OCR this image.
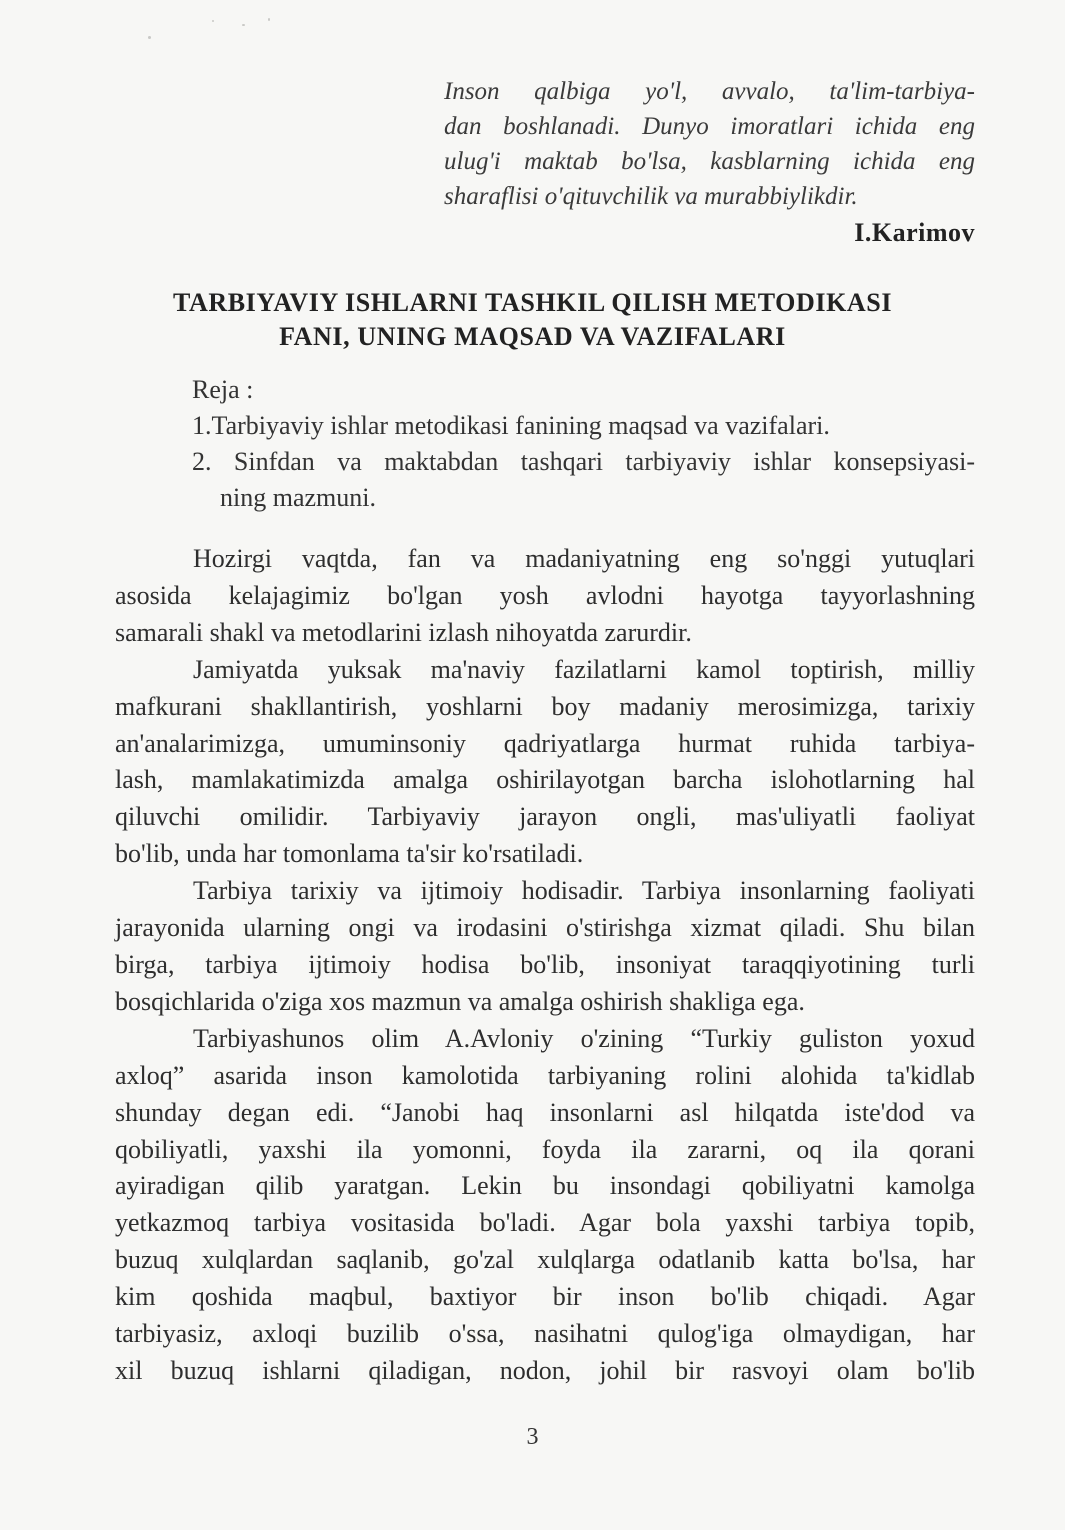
Inson qalbiga yo'l, avvalo, ta'lim-tarbiya-
dan boshlanadi. Dunyo imoratlari ichida eng
ulug'i maktab bo'lsa, kasblarning ichida eng
sharaflisi o'qituvchilik va murabbiylikdir.
I.Karimov
TARBIYAVIY ISHLARNI TASHKIL QILISH METODIKASI
FANI, UNING MAQSAD VA VAZIFALARI
Reja :
1.Tarbiyaviy ishlar metodikasi fanining maqsad va vazifalari.
2. Sinfdan va maktabdan tashqari tarbiyaviy ishlar konsepsiyasi-
ning mazmuni.
Hozirgi vaqtda, fan va madaniyatning eng so'nggi yutuqlari
asosida kelajagimiz bo'lgan yosh avlodni hayotga tayyorlashning
samarali shakl va metodlarini izlash nihoyatda zarurdir.
Jamiyatda yuksak ma'naviy fazilatlarni kamol toptirish, milliy
mafkurani shakllantirish, yoshlarni boy madaniy merosimizga, tarixiy
an'analarimizga, umuminsoniy qadriyatlarga hurmat ruhida tarbiya-
lash, mamlakatimizda amalga oshirilayotgan barcha islohotlarning hal
qiluvchi omilidir. Tarbiyaviy jarayon ongli, mas'uliyatli faoliyat
bo'lib, unda har tomonlama ta'sir ko'rsatiladi.
Tarbiya tarixiy va ijtimoiy hodisadir. Tarbiya insonlarning faoliyati
jarayonida ularning ongi va irodasini o'stirishga xizmat qiladi. Shu bilan
birga, tarbiya ijtimoiy hodisa bo'lib, insoniyat taraqqiyotining turli
bosqichlarida o'ziga xos mazmun va amalga oshirish shakliga ega.
Tarbiyashunos olim A.Avloniy o'zining “Turkiy guliston yoxud
axloq” asarida inson kamolotida tarbiyaning rolini alohida ta'kidlab
shunday degan edi. “Janobi haq insonlarni asl hilqatda iste'dod va
qobiliyatli, yaxshi ila yomonni, foyda ila zararni, oq ila qorani
ayiradigan qilib yaratgan. Lekin bu insondagi qobiliyatni kamolga
yetkazmoq tarbiya vositasida bo'ladi. Agar bola yaxshi tarbiya topib,
buzuq xulqlardan saqlanib, go'zal xulqlarga odatlanib katta bo'lsa, har
kim qoshida maqbul, baxtiyor bir inson bo'lib chiqadi. Agar
tarbiyasiz, axloqi buzilib o'ssa, nasihatni qulog'iga olmaydigan, har
xil buzuq ishlarni qiladigan, nodon, johil bir rasvoyi olam bo'lib
3
